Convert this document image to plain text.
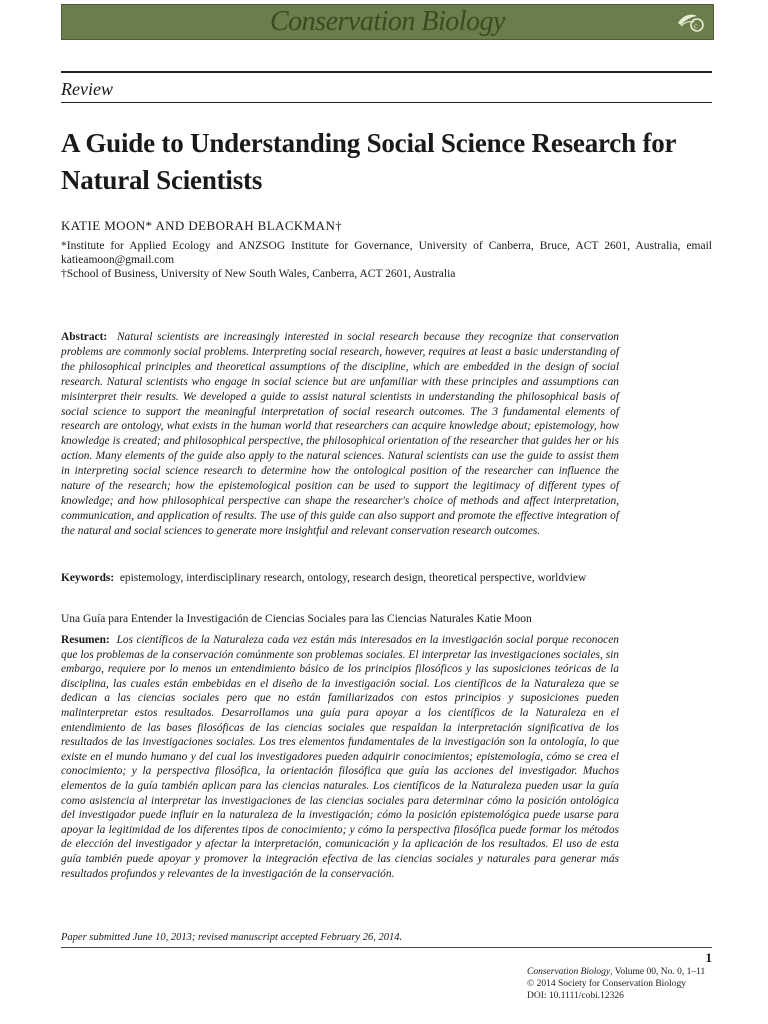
Conservation Biology	c
Review
A Guide to Understanding Social Science Research for Natural Scientists
KATIE MOON* AND DEBORAH BLACKMAN†

*Institute for Applied Ecology and ANZSOG Institute for Governance, University of Canberra, Bruce, ACT 2601, Australia, email katieamoon@gmail.com

†School of Business, University of New South Wales, Canberra, ACT 2601, Australia

Abstract: Natural scientists are increasingly interested in social research because they recognize that conservation problems are commonly social problems. Interpreting social research, however, requires at least a basic understanding of the philosophical principles and theoretical assumptions of the discipline, which are embedded in the design of social research. Natural scientists who engage in social science but are unfamiliar with these principles and assumptions can misinterpret their results. We developed a guide to assist natural scientists in understanding the philosophical basis of social science to support the meaningful interpretation of social research outcomes. The 3 fundamental elements of research are ontology, what exists in the human world that researchers can acquire knowledge about; epistemology, how knowledge is created; and philosophical perspective, the philosophical orientation of the researcher that guides her or his action. Many elements of the guide also apply to the natural sciences. Natural scientists can use the guide to assist them in interpreting social science research to determine how the ontological position of the researcher can influence the nature of the research; how the epistemological position can be used to support the legitimacy of different types of knowledge; and how philosophical perspective can shape the researcher's choice of methods and affect interpretation, communication, and application of results. The use of this guide can also support and promote the effective integration of the natural and social sciences to generate more insightful and relevant conservation research outcomes.

Keywords: epistemology, interdisciplinary research, ontology, research design, theoretical perspective, worldview
Una Guía para Entender la Investigación de Ciencias Sociales para las Ciencias Naturales Katie Moon

Resumen: Los científicos de la Naturaleza cada vez están más interesados en la investigación social porque reconocen que los problemas de la conservación comúnmente son problemas sociales. El interpretar las investigaciones sociales, sin embargo, requiere por lo menos un entendimiento básico de los principios filosóficos y las suposiciones teóricas de la disciplina, las cuales están embebidas en el diseño de la investigación social. Los científicos de la Naturaleza que se dedican a las ciencias sociales pero que no están familiarizados con estos principios y suposiciones pueden malinterpretar estos resultados. Desarrollamos una guía para apoyar a los científicos de la Naturaleza en el entendimiento de las bases filosóficas de las ciencias sociales que respaldan la interpretación significativa de los resultados de las investigaciones sociales. Los tres elementos fundamentales de la investigación son la ontología, lo que existe en el mundo humano y del cual los investigadores pueden adquirir conocimientos; epistemología, cómo se crea el conocimiento; y la perspectiva filosófica, la orientación filosófica que guía las acciones del investigador. Muchos elementos de la guía también aplican para las ciencias naturales. Los científicos de la Naturaleza pueden usar la guía como asistencia al interpretar las investigaciones de las ciencias sociales para determinar cómo la posición ontológica del investigador puede influir en la naturaleza de la investigación; cómo la posición epistemológica puede usarse para apoyar la legitimidad de los diferentes tipos de conocimiento; y cómo la perspectiva filosófica puede formar los métodos de elección del investigador y afectar la interpretación, comunicación y la aplicación de los resultados. El uso de esta guía también puede apoyar y promover la integración efectiva de las ciencias sociales y naturales para generar más resultados profundos y relevantes de la investigación de la conservación.

Paper submitted June 10, 2013; revised manuscript accepted February 26, 2014.
1
Conservation Biology, Volume 00, No. 0, 1–11
© 2014 Society for Conservation Biology
DOI: 10.1111/cobi.12326
